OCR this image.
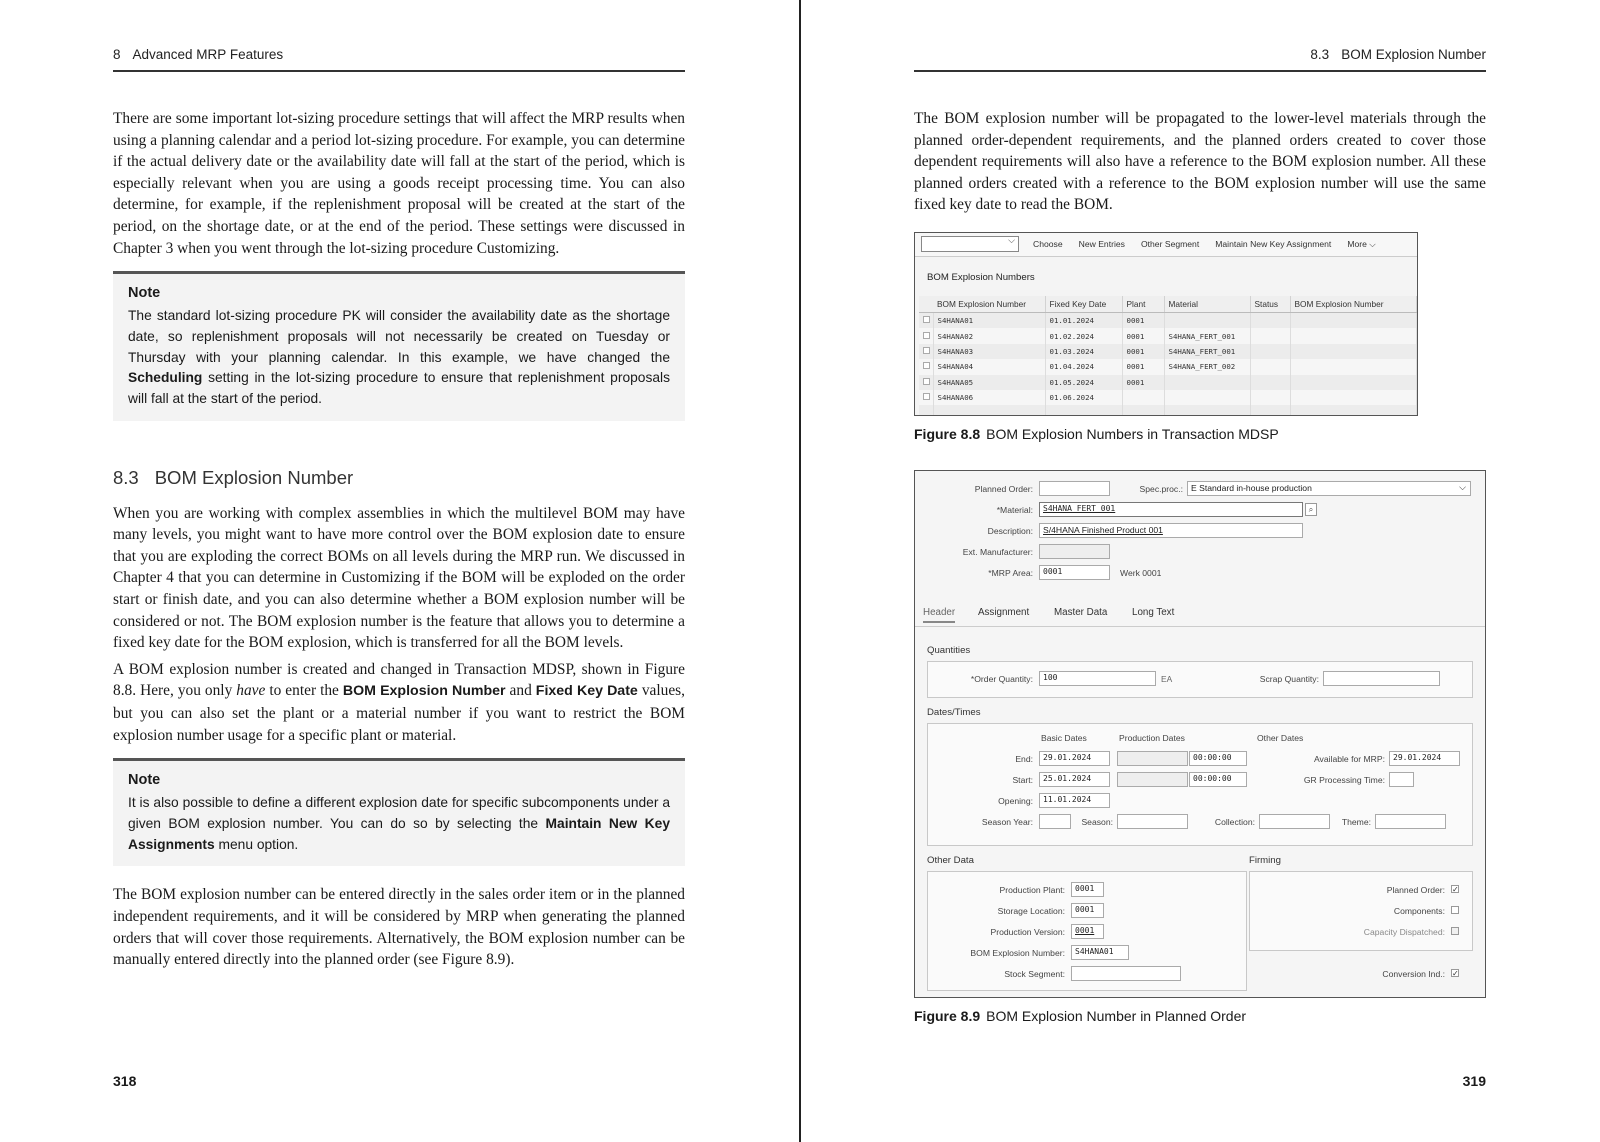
8 Advanced MRP Features

There are some important lot-sizing procedure settings that will affect the MRP results when using a planning calendar and a period lot-sizing procedure. For example, you can determine if the actual delivery date or the availability date will fall at the start of the period, which is especially relevant when you are using a goods receipt processing time. You can also determine, for example, if the replenishment proposal will be created at the start of the period, on the shortage date, or at the end of the period. These settings were discussed in Chapter 3 when you went through the lot-sizing procedure Customizing.

Note
The standard lot-sizing procedure PK will consider the availability date as the shortage date, so replenishment proposals will not necessarily be created on Tuesday or Thursday with your planning calendar. In this example, we have changed the Scheduling setting in the lot-sizing procedure to ensure that replenishment proposals will fall at the start of the period.
8.3 BOM Explosion Number

When you are working with complex assemblies in which the multilevel BOM may have many levels, you might want to have more control over the BOM explosion date to ensure that you are exploding the correct BOMs on all levels during the MRP run. We discussed in Chapter 4 that you can determine in Customizing if the BOM will be exploded on the order start or finish date, and you can also determine whether a BOM explosion number will be considered or not. The BOM explosion number is the feature that allows you to determine a fixed key date for the BOM explosion, which is transferred for all the BOM levels.

A BOM explosion number is created and changed in Transaction MDSP, shown in Figure 8.8. Here, you only have to enter the BOM Explosion Number and Fixed Key Date values, but you can also set the plant or a material number if you want to restrict the BOM explosion number usage for a specific plant or material.

Note
It is also possible to define a different explosion date for specific subcomponents under a given BOM explosion number. You can do so by selecting the Maintain New Key Assignments menu option.

The BOM explosion number can be entered directly in the sales order item or in the planned independent requirements, and it will be considered by MRP when generating the planned orders that will cover those requirements. Alternatively, the BOM explosion number can be manually entered directly into the planned order (see Figure 8.9).

318
8.3 BOM Explosion Number

The BOM explosion number will be propagated to the lower-level materials through the planned order-dependent requirements, and the planned orders created to cover those dependent requirements will also have a reference to the BOM explosion number. All these planned orders created with a reference to the BOM explosion number will use the same fixed key date to read the BOM.

⌵
Choose New Entries Other Segment Maintain New Key Assignment More ⌵
BOM Explosion Numbers
	BOM Explosion Number	Fixed Key Date	Plant	Material	Status	BOM Explosion Number
	S4HANA01	01.01.2024	0001			
	S4HANA02	01.02.2024	0001	S4HANA_FERT_001		
	S4HANA03	01.03.2024	0001	S4HANA_FERT_001		
	S4HANA04	01.04.2024	0001	S4HANA_FERT_002		
	S4HANA05	01.05.2024	0001			
	S4HANA06	01.06.2024				

Figure 8.8 BOM Explosion Numbers in Transaction MDSP
Planned Order:	Spec.proc.: E Standard in-house production	⌵
*Material:	S4HANA_FERT_001	⌕
Description:	S/4HANA Finished Product 001
Ext. Manufacturer:
*MRP Area:	0001	Werk 0001
Header Assignment	Master Data	Long Text
Quantities
*Order Quantity:	100	EA	Scrap Quantity:
Dates/Times
Basic Dates	Production Dates	Other Dates
End:	29.01.2024	00:00:00	Available for MRP:	29.01.2024
Start:	25.01.2024	00:00:00	GR Processing Time:
Opening:	11.01.2024
Season Year:	Season:	Collection:	Theme:
Other Data
Production Plant:	0001
Storage Location:	0001
Production Version:	0001
BOM Explosion Number:	S4HANA01
Stock Segment:
Firming
Planned Order: ✓
Components:
Capacity Dispatched:
Conversion Ind.: ✓
Figure 8.9 BOM Explosion Number in Planned Order
319
